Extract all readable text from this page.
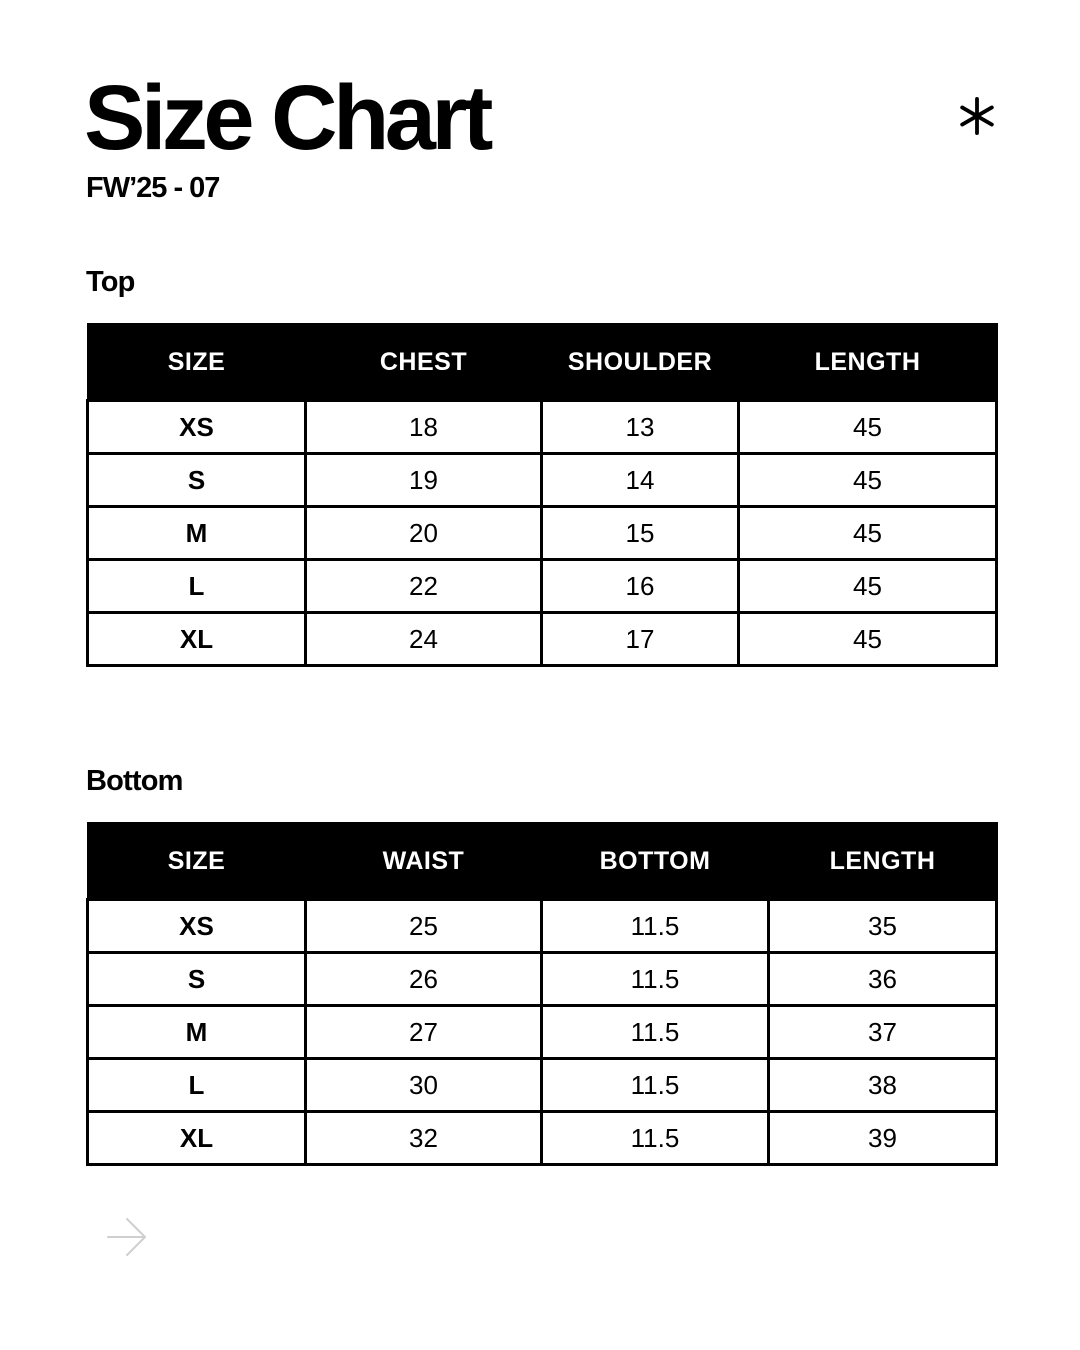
Size Chart
FW’25 - 07
Top
SIZE	CHEST	SHOULDER	LENGTH
XS	18	13	45
S	19	14	45
M	20	15	45
L	22	16	45
XL	24	17	45
Bottom
SIZE	WAIST	BOTTOM	LENGTH
XS	25	11.5	35
S	26	11.5	36
M	27	11.5	37
L	30	11.5	38
XL	32	11.5	39
